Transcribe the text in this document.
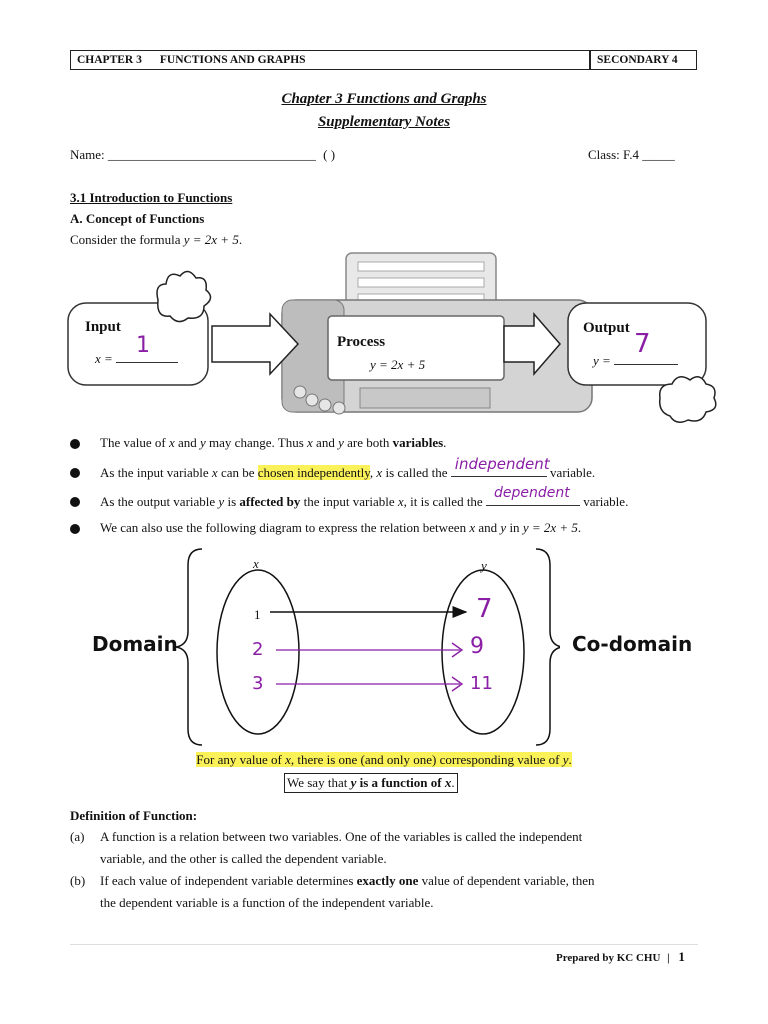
CHAPTER 3 FUNCTIONS AND GRAPHS	SECONDARY 4
Chapter 3 Functions and Graphs
Supplementary Notes
Name: ________________________________ ( )	Class: F.4 _____
3.1 Introduction to Functions
A. Concept of Functions
Consider the formula y = 2x + 5.
Input
x =
1	Process
y = 2x + 5
Output
y =
7
The value of x and y may change. Thus x and y are both variables.
As the input variable x can be chosen independently, x is called the independent
variable.
As the output variable y is affected by the input variable x, it is called the
dependent
variable.
We can also use the following diagram to express the relation between x and y in y = 2x + 5.
x	y
1
2
3
7
9
11
Domain	Co-domain
For any value of x, there is one (and only one) corresponding value of y.
We say that y is a function of x.
Definition of Function:
(a) A function is a relation between two variables. One of the variables is called the independent
variable, and the other is called the dependent variable.
(b) If each value of independent variable determines exactly one value of dependent variable, then
the dependent variable is a function of the independent variable.
Prepared by KC CHU | 1
